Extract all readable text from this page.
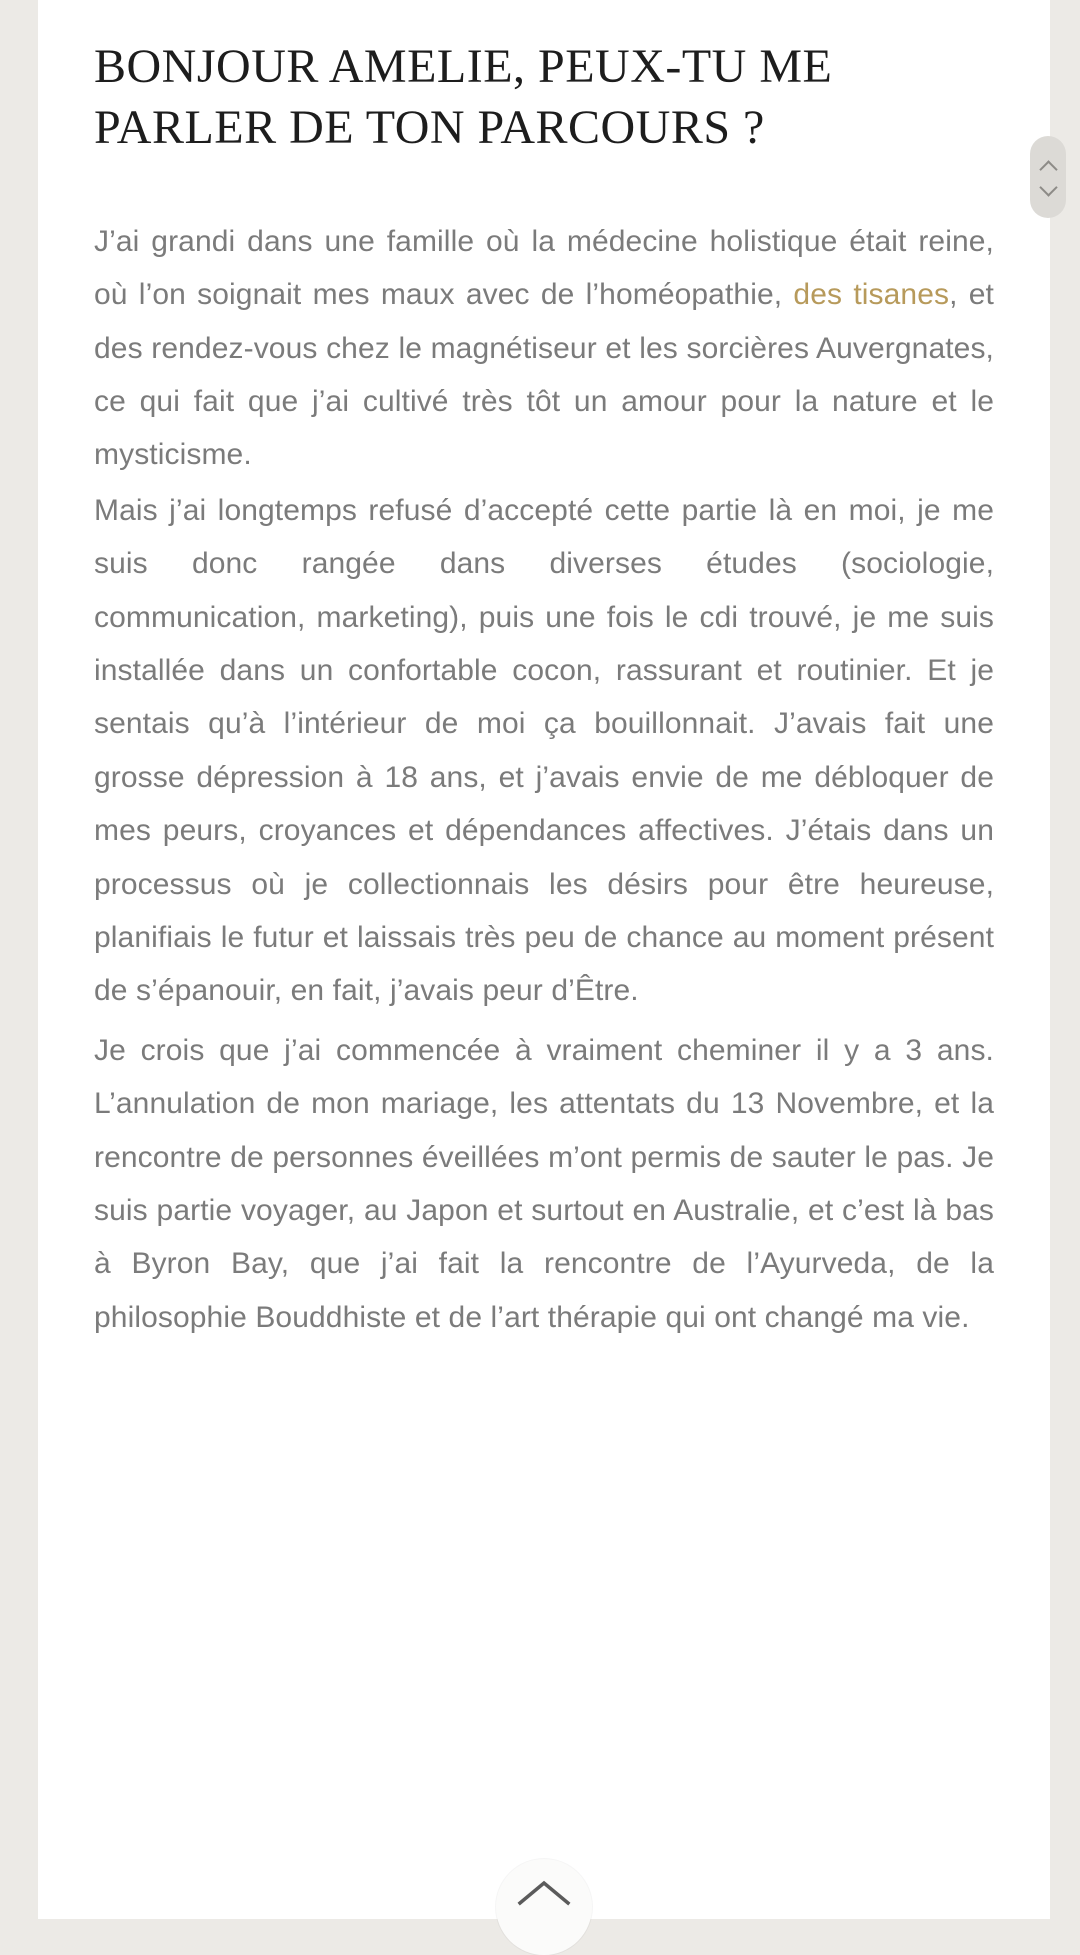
BONJOUR AMELIE, PEUX-TU ME PARLER DE TON PARCOURS ?

J’ai grandi dans une famille où la médecine holistique était reine, où l’on soignait mes maux avec de l’homéopathie, des tisanes, et des rendez-vous chez le magnétiseur et les sorcières Auvergnates, ce qui fait que j’ai cultivé très tôt un amour pour la nature et le mysticisme.

Mais j’ai longtemps refusé d’accepté cette partie là en moi, je me suis donc rangée dans diverses études (sociologie, communication, marketing), puis une fois le cdi trouvé, je me suis installée dans un confortable cocon, rassurant et routinier. Et je sentais qu’à l’intérieur de moi ça bouillonnait. J’avais fait une grosse dépression à 18 ans, et j’avais envie de me débloquer de mes peurs, croyances et dépendances affectives. J’étais dans un processus où je collectionnais les désirs pour être heureuse, planifiais le futur et laissais très peu de chance au moment présent de s’épanouir, en fait, j’avais peur d’Être.

Je crois que j’ai commencée à vraiment cheminer il y a 3 ans. L’annulation de mon mariage, les attentats du 13 Novembre, et la rencontre de personnes éveillées m’ont permis de sauter le pas. Je suis partie voyager, au Japon et surtout en Australie, et c’est là bas à Byron Bay, que j’ai fait la rencontre de l’Ayurveda, de la philosophie Bouddhiste et de l’art thérapie qui ont changé ma vie.
